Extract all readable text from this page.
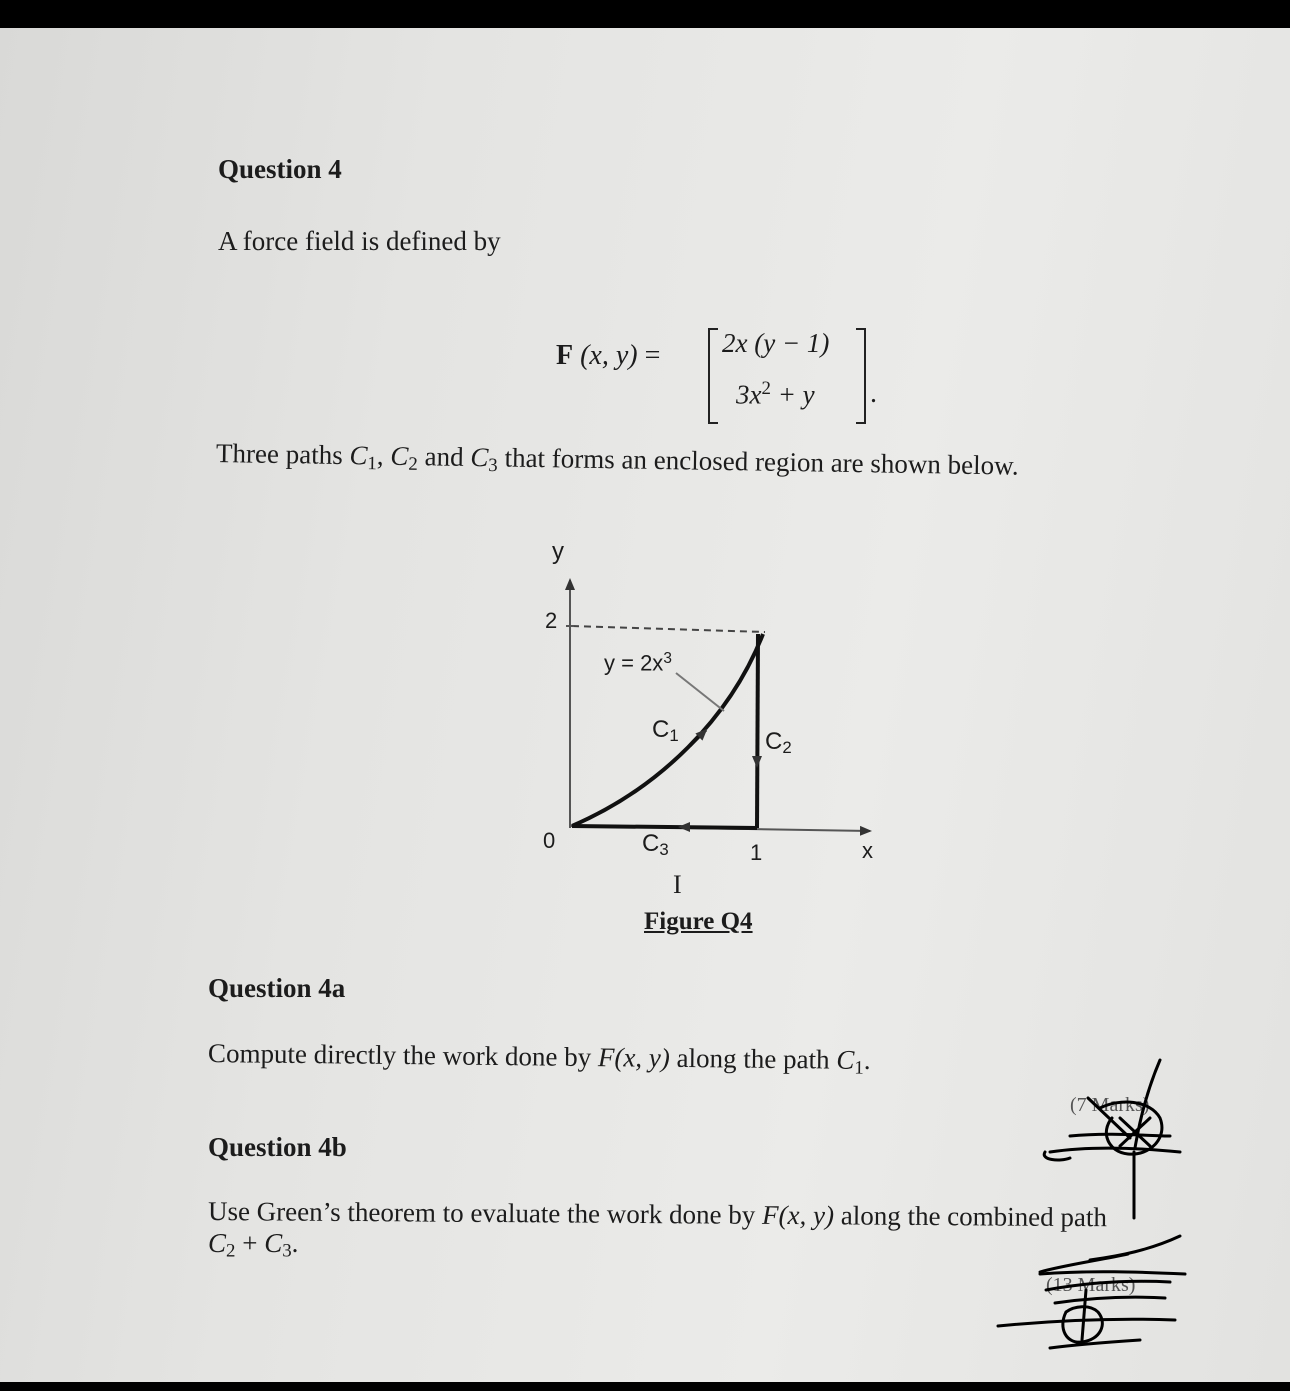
Question 4
A force field is defined by
F (x, y) = 2x (y − 1)
$3x^2 + y$ .
Three paths $C_1$, $C_2$ and $C_3$ that forms an enclosed region are shown below.
y
2
0	x
1
$y = 2x^3$
$C_1$	$C_2$
$C_3$
I
Figure Q4
Question 4a
Compute directly the work done by F(x, y) along the path $C_1$.
(7 Marks)
Question 4b
Use Green’s theorem to evaluate the work done by F(x, y) along the combined path
$C_2 + C_3$.
(13 Marks)
